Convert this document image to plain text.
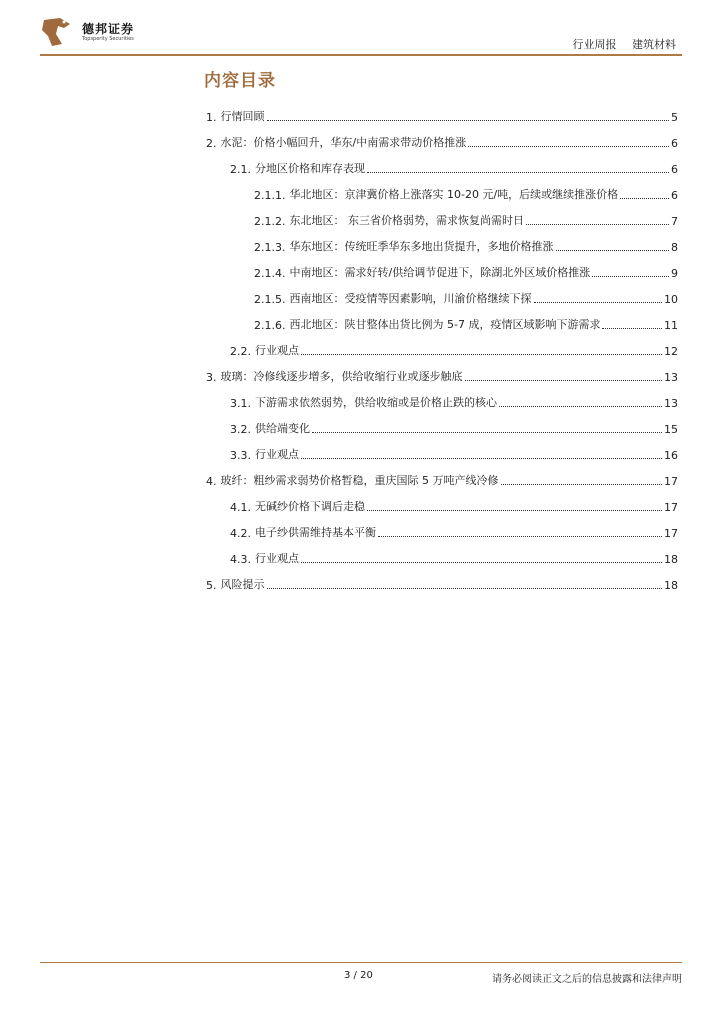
德邦证券
Topsperity Securities	行业周报 建筑材料
内容目录
1. 行情回顾	5
2. 水泥：价格小幅回升，华东/中南需求带动价格推涨	6
2.1. 分地区价格和库存表现	6
2.1.1. 华北地区：京津冀价格上涨落实 10-20 元/吨，后续或继续推涨价格	6
2.1.2. 东北地区： 东三省价格弱势，需求恢复尚需时日	7
2.1.3. 华东地区：传统旺季华东多地出货提升，多地价格推涨	8
2.1.4. 中南地区：需求好转/供给调节促进下，除湖北外区域价格推涨	9
2.1.5. 西南地区：受疫情等因素影响，川渝价格继续下探	10
2.1.6. 西北地区：陕甘整体出货比例为 5-7 成，疫情区域影响下游需求	11
2.2. 行业观点	12
3. 玻璃：冷修线逐步增多，供给收缩行业或逐步触底	13
3.1. 下游需求依然弱势，供给收缩或是价格止跌的核心	13
3.2. 供给端变化	15
3.3. 行业观点	16
4. 玻纤：粗纱需求弱势价格暂稳，重庆国际 5 万吨产线冷修	17
4.1. 无碱纱价格下调后走稳	17
4.2. 电子纱供需维持基本平衡	17
4.3. 行业观点	18
5. 风险提示	18
3 / 20	请务必阅读正文之后的信息披露和法律声明
